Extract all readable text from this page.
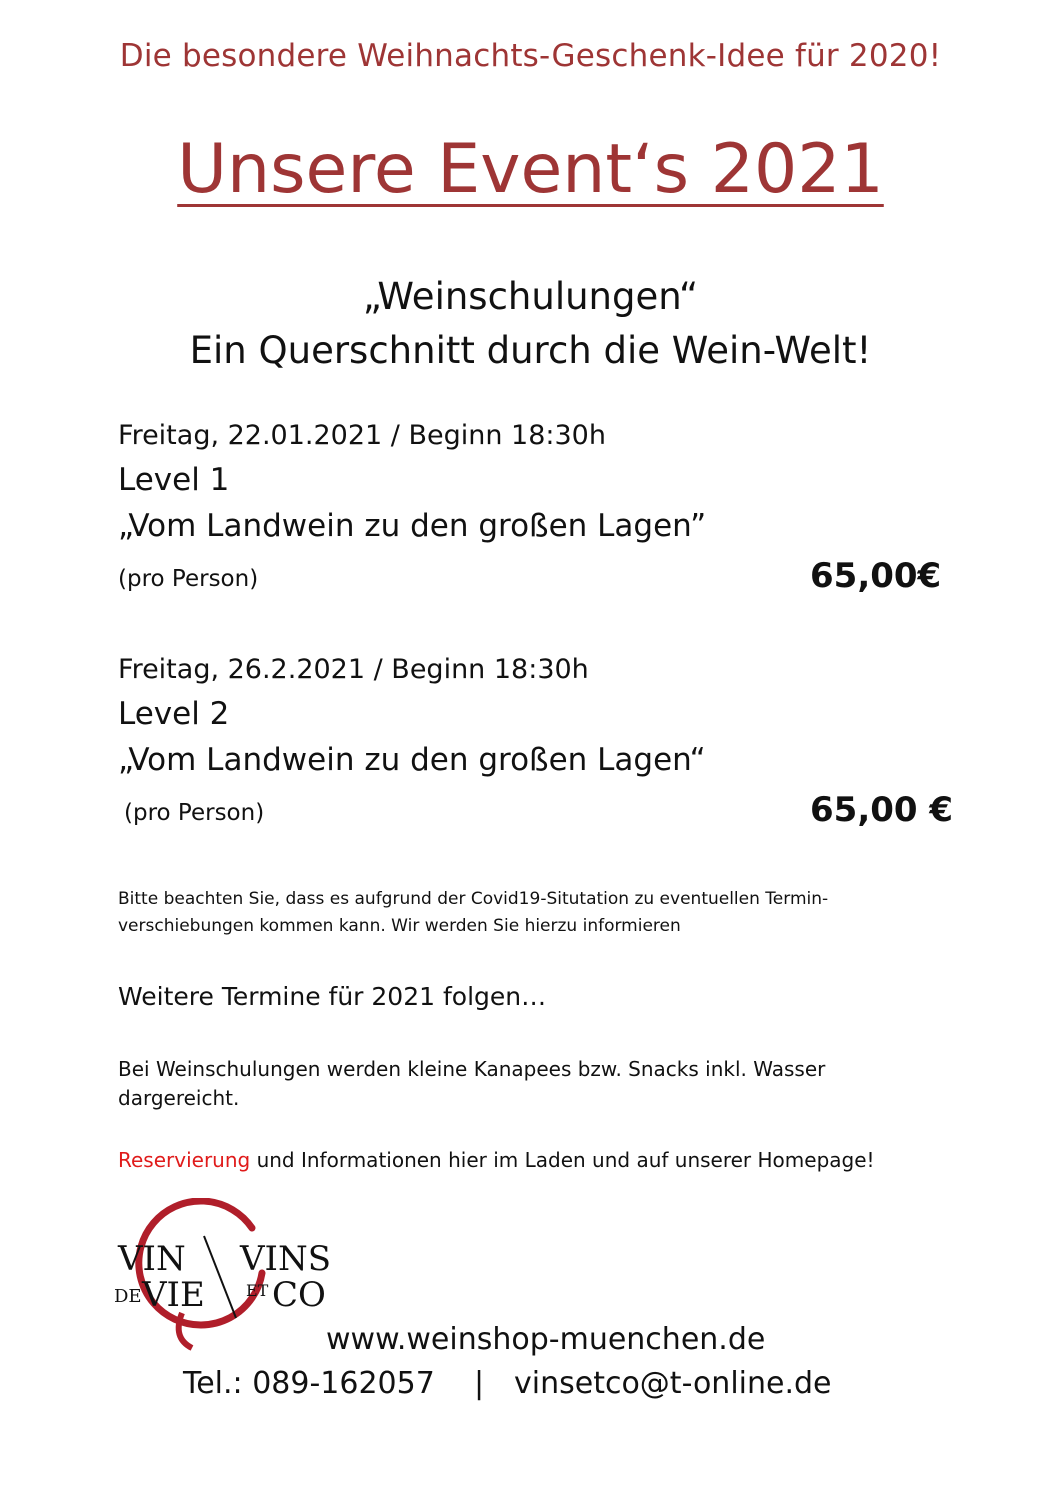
Die besondere Weihnachts-Geschenk-Idee für 2020!
Unsere Event‘s 2021
„Weinschulungen“
Ein Querschnitt durch die Wein-Welt!
Freitag, 22.01.2021 / Beginn 18:30h
Level 1
„Vom Landwein zu den großen Lagen”
(pro Person)	65,00€
Freitag, 26.2.2021 / Beginn 18:30h
Level 2
„Vom Landwein zu den großen Lagen“
(pro Person)	65,00 €
Bitte beachten Sie, dass es aufgrund der Covid19-Situtation zu eventuellen Termin-
verschiebungen kommen kann. Wir werden Sie hierzu informieren
Weitere Termine für 2021 folgen…
Bei Weinschulungen werden kleine Kanapees bzw. Snacks inkl. Wasser
dargereicht.
Reservierung und Informationen hier im Laden und auf unserer Homepage!
VIN VINS
DE VIE	ET CO
www.weinshop-muenchen.de
Tel.: 089-162057 | vinsetco@t-online.de
